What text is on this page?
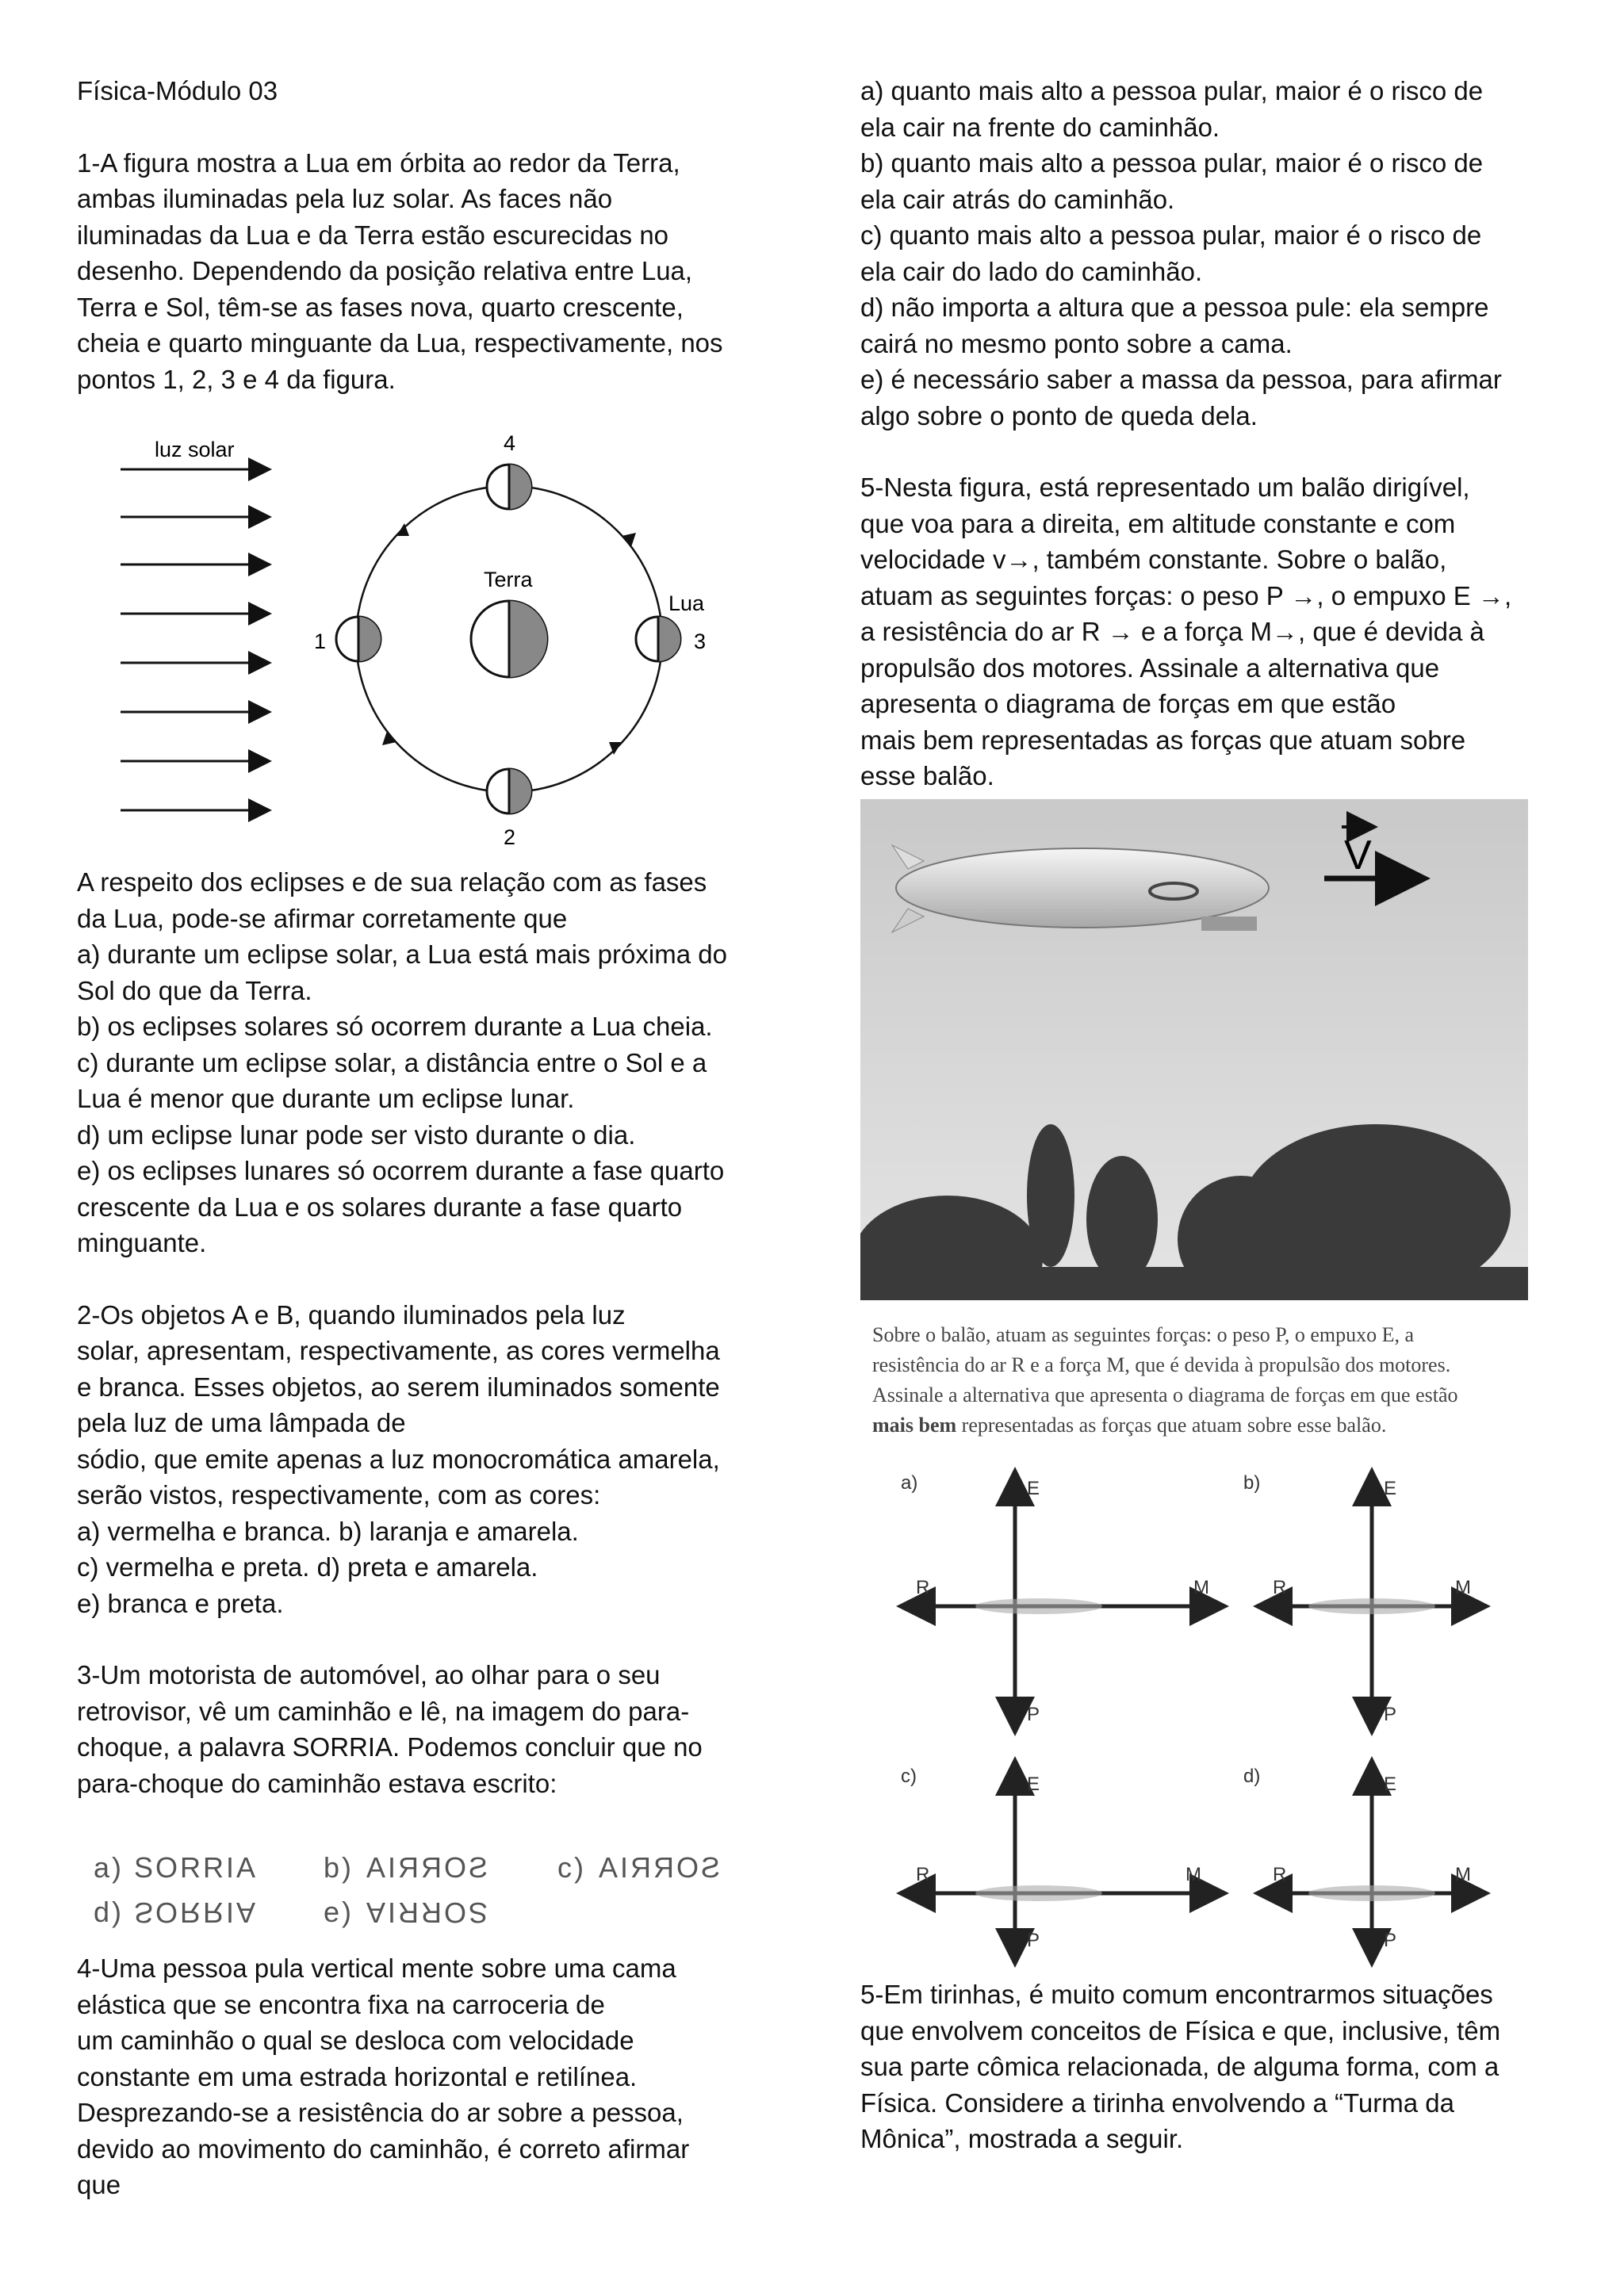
Física-Módulo 03

1-A figura mostra a Lua em órbita ao redor da Terra,
ambas iluminadas pela luz solar. As faces não
iluminadas da Lua e da Terra estão escurecidas no
desenho. Dependendo da posição relativa entre Lua,
Terra e Sol, têm-se as fases nova, quarto crescente,
cheia e quarto minguante da Lua, respectivamente, nos
pontos 1, 2, 3 e 4 da figura.

luz solar
Terra
Lua
1	3
4
2

A respeito dos eclipses e de sua relação com as fases
da Lua, pode-se afirmar corretamente que

a) durante um eclipse solar, a Lua está mais próxima do
Sol do que da Terra.

b) os eclipses solares só ocorrem durante a Lua cheia.

c) durante um eclipse solar, a distância entre o Sol e a
Lua é menor que durante um eclipse lunar.

d) um eclipse lunar pode ser visto durante o dia.

e) os eclipses lunares só ocorrem durante a fase quarto
crescente da Lua e os solares durante a fase quarto
minguante.

2-Os objetos A e B, quando iluminados pela luz
solar, apresentam, respectivamente, as cores vermelha
e branca. Esses objetos, ao serem iluminados somente
pela luz de uma lâmpada de
sódio, que emite apenas a luz monocromática amarela,
serão vistos, respectivamente, com as cores:

a) vermelha e branca. b) laranja e amarela.

c) vermelha e preta. d) preta e amarela.

e) branca e preta.

3-Um motorista de automóvel, ao olhar para o seu
retrovisor, vê um caminhão e lê, na imagem do para-
choque, a palavra SORRIA. Podemos concluir que no
para-choque do caminhão estava escrito:

a) SORRIA b) SORRIA c) SORRIA
d) SORRIA e) SORRIA

4-Uma pessoa pula vertical mente sobre uma cama
elástica que se encontra fixa na carroceria de
um caminhão o qual se desloca com velocidade
constante em uma estrada horizontal e retilínea.
Desprezando-se a resistência do ar sobre a pessoa,
devido ao movimento do caminhão, é correto afirmar
que

a) quanto mais alto a pessoa pular, maior é o risco de
ela cair na frente do caminhão.

b) quanto mais alto a pessoa pular, maior é o risco de
ela cair atrás do caminhão.

c) quanto mais alto a pessoa pular, maior é o risco de
ela cair do lado do caminhão.

d) não importa a altura que a pessoa pule: ela sempre
cairá no mesmo ponto sobre a cama.

e) é necessário saber a massa da pessoa, para afirmar
algo sobre o ponto de queda dela.

5-Nesta figura, está representado um balão dirigível,
que voa para a direita, em altitude constante e com
velocidade v→, também constante. Sobre o balão,
atuam as seguintes forças: o peso P →, o empuxo E →,
a resistência do ar R → e a força M→, que é devida à
propulsão dos motores. Assinale a alternativa que
apresenta o diagrama de forças em que estão
mais bem representadas as forças que atuam sobre
esse balão.

V
Sobre o balão, atuam as seguintes forças: o peso P, o empuxo E, a
resistência do ar R e a força M, que é devida à propulsão dos motores.
Assinale a alternativa que apresenta o diagrama de forças em que estão
mais bem representadas as forças que atuam sobre esse balão.
a)	E
P
R	M
b)	E
P
R	M
c)	E
P
R	M
d)	E
P
R	M

5-Em tirinhas, é muito comum encontrarmos situações
que envolvem conceitos de Física e que, inclusive, têm
sua parte cômica relacionada, de alguma forma, com a
Física. Considere a tirinha envolvendo a “Turma da
Mônica”, mostrada a seguir.
